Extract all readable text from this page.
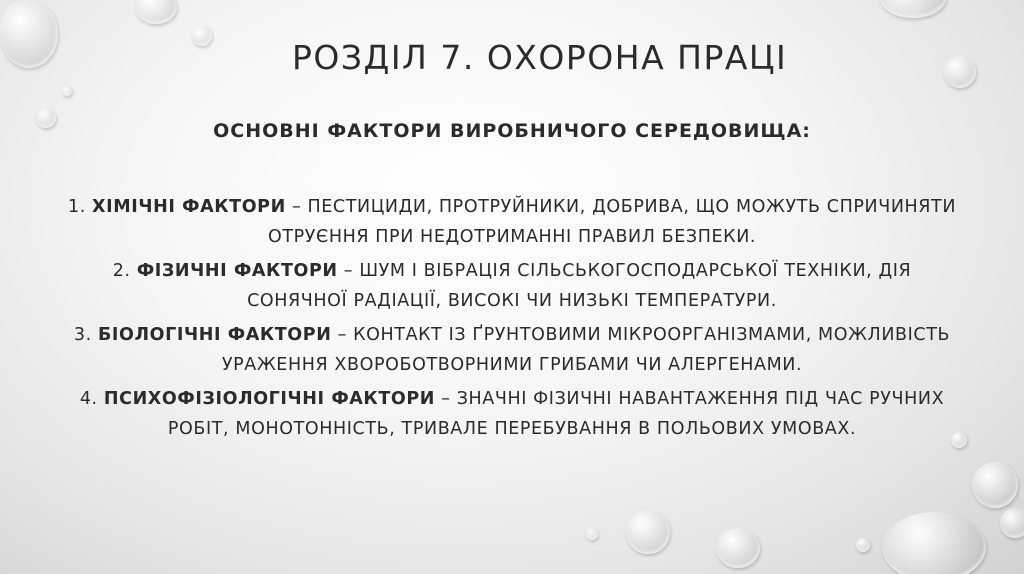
РОЗДІЛ 7. ОХОРОНА ПРАЦІ
ОСНОВНІ ФАКТОРИ ВИРОБНИЧОГО СЕРЕДОВИЩА:
1. ХІМІЧНІ ФАКТОРИ – ПЕСТИЦИДИ, ПРОТРУЙНИКИ, ДОБРИВА, ЩО МОЖУТЬ СПРИЧИНЯТИ ОТРУЄННЯ ПРИ НЕДОТРИМАННІ ПРАВИЛ БЕЗПЕКИ.
2. ФІЗИЧНІ ФАКТОРИ – ШУМ І ВІБРАЦІЯ СІЛЬСЬКОГОСПОДАРСЬКОЇ ТЕХНІКИ, ДІЯ СОНЯЧНОЇ РАДІАЦІЇ, ВИСОКІ ЧИ НИЗЬКІ ТЕМПЕРАТУРИ.
3. БІОЛОГІЧНІ ФАКТОРИ – КОНТАКТ ІЗ ҐРУНТОВИМИ МІКРООРГАНІЗМАМИ, МОЖЛИВІСТЬ УРАЖЕННЯ ХВОРОБОТВОРНИМИ ГРИБАМИ ЧИ АЛЕРГЕНАМИ.
4. ПСИХОФІЗІОЛОГІЧНІ ФАКТОРИ – ЗНАЧНІ ФІЗИЧНІ НАВАНТАЖЕННЯ ПІД ЧАС РУЧНИХ РОБІТ, МОНОТОННІСТЬ, ТРИВАЛЕ ПЕРЕБУВАННЯ В ПОЛЬОВИХ УМОВАХ.
